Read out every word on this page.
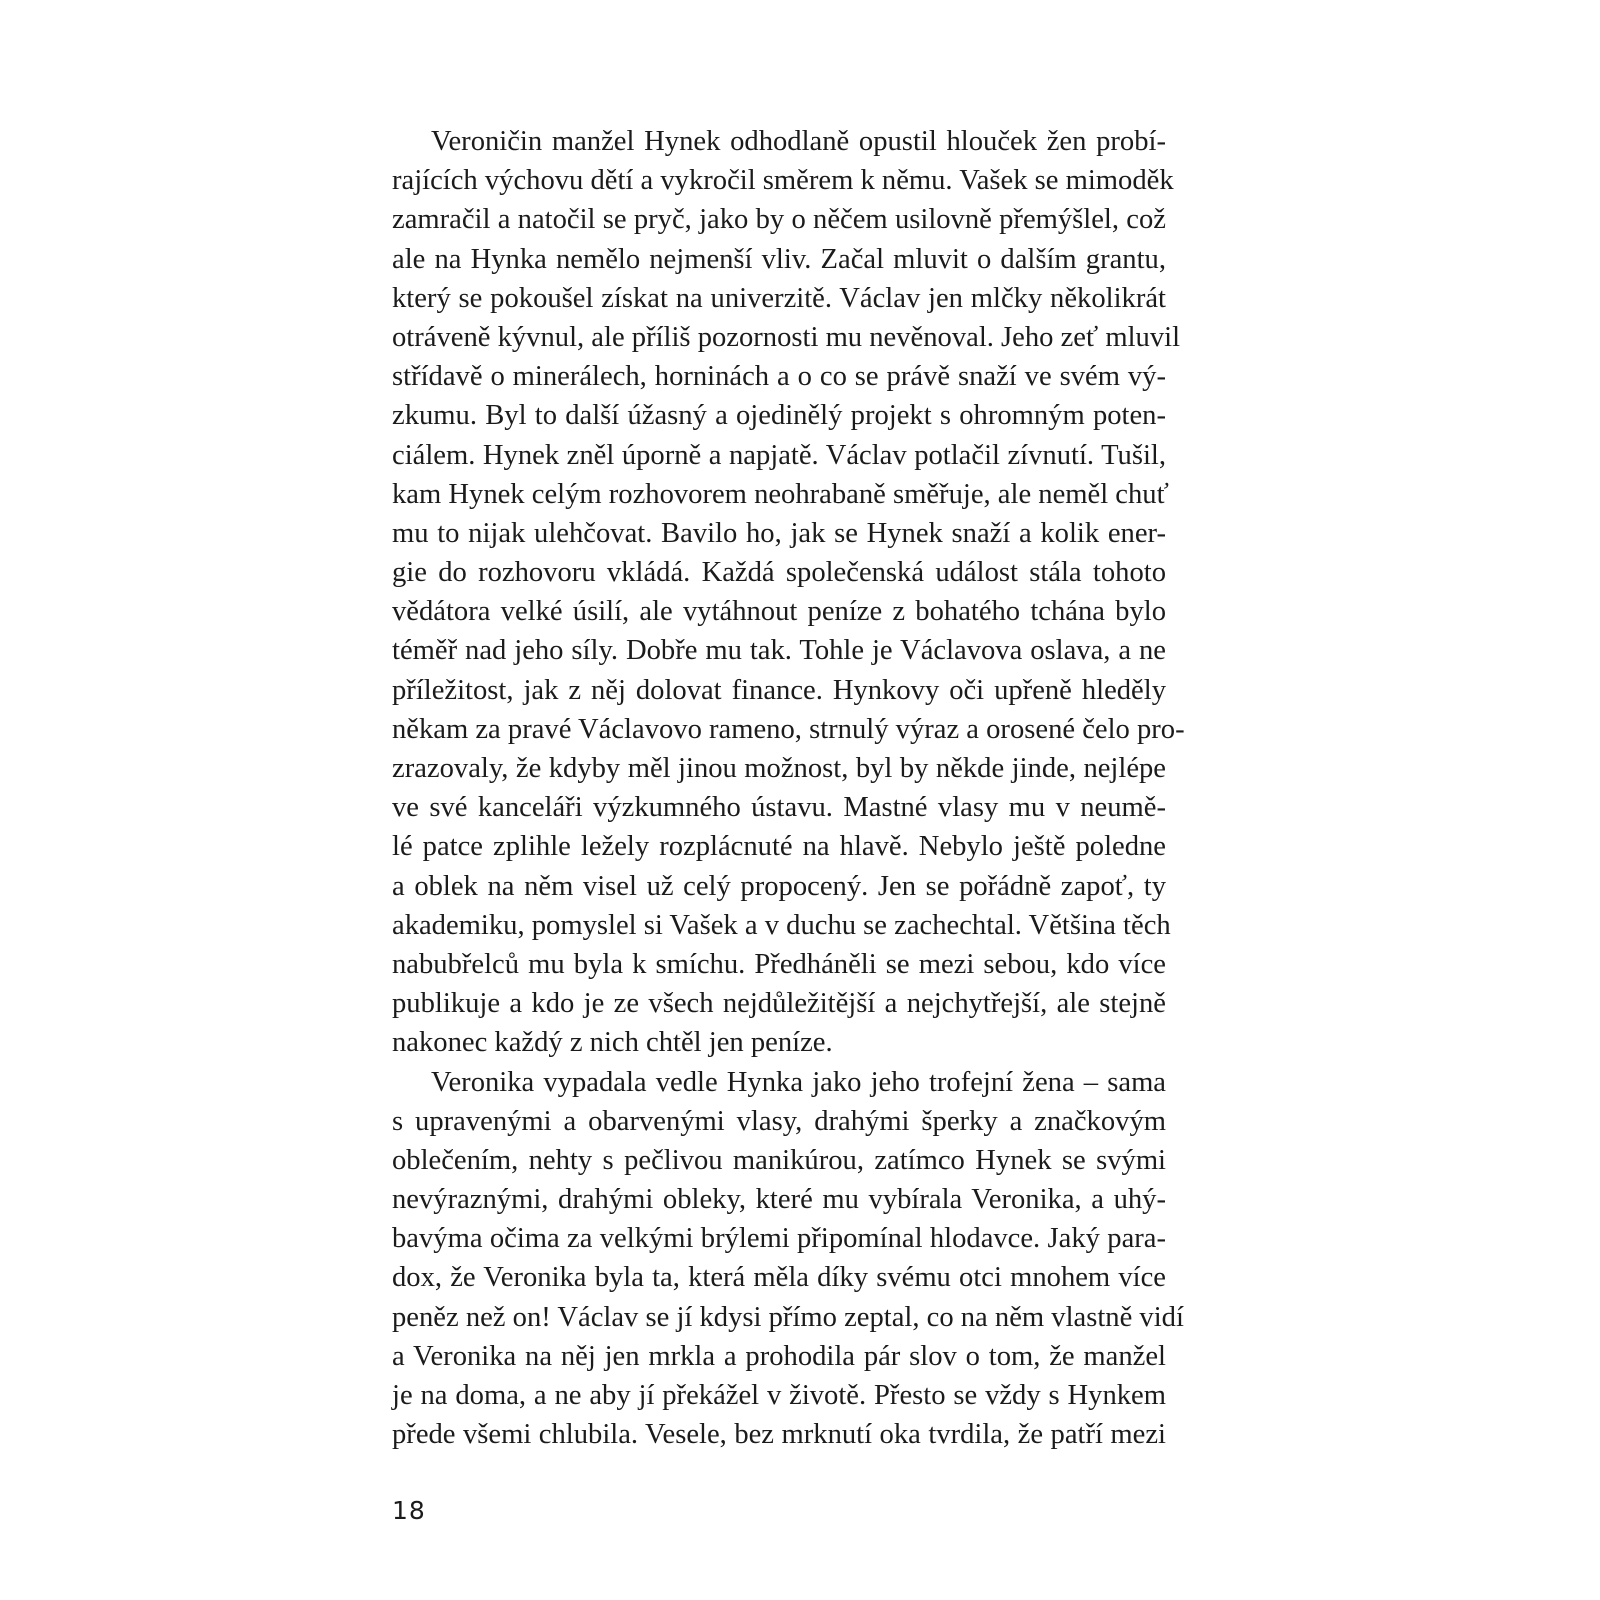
Veroničin manžel Hynek odhodlaně opustil hlouček žen probí-
rajících výchovu dětí a vykročil směrem k němu. Vašek se mimoděk
zamračil a natočil se pryč, jako by o něčem usilovně přemýšlel, což
ale na Hynka nemělo nejmenší vliv. Začal mluvit o dalším grantu,
který se pokoušel získat na univerzitě. Václav jen mlčky několikrát
otráveně kývnul, ale příliš pozornosti mu nevěnoval. Jeho zeť mluvil
střídavě o minerálech, horninách a o co se právě snaží ve svém vý-
zkumu. Byl to další úžasný a ojedinělý projekt s ohromným poten-
ciálem. Hynek zněl úporně a napjatě. Václav potlačil zívnutí. Tušil,
kam Hynek celým rozhovorem neohrabaně směřuje, ale neměl chuť
mu to nijak ulehčovat. Bavilo ho, jak se Hynek snaží a kolik ener-
gie do rozhovoru vkládá. Každá společenská událost stála tohoto
vědátora velké úsilí, ale vytáhnout peníze z bohatého tchána bylo
téměř nad jeho síly. Dobře mu tak. Tohle je Václavova oslava, a ne
příležitost, jak z něj dolovat finance. Hynkovy oči upřeně hleděly
někam za pravé Václavovo rameno, strnulý výraz a orosené čelo pro-
zrazovaly, že kdyby měl jinou možnost, byl by někde jinde, nejlépe
ve své kanceláři výzkumného ústavu. Mastné vlasy mu v neumě-
lé patce zplihle ležely rozplácnuté na hlavě. Nebylo ještě poledne
a oblek na něm visel už celý propocený. Jen se pořádně zapoť, ty
akademiku, pomyslel si Vašek a v duchu se zachechtal. Většina těch
nabubřelců mu byla k smíchu. Předháněli se mezi sebou, kdo více
publikuje a kdo je ze všech nejdůležitější a nejchytřejší, ale stejně
nakonec každý z nich chtěl jen peníze.
Veronika vypadala vedle Hynka jako jeho trofejní žena – sama
s upravenými a obarvenými vlasy, drahými šperky a značkovým
oblečením, nehty s pečlivou manikúrou, zatímco Hynek se svými
nevýraznými, drahými obleky, které mu vybírala Veronika, a uhý-
bavýma očima za velkými brýlemi připomínal hlodavce. Jaký para-
dox, že Veronika byla ta, která měla díky svému otci mnohem více
peněz než on! Václav se jí kdysi přímo zeptal, co na něm vlastně vidí
a Veronika na něj jen mrkla a prohodila pár slov o tom, že manžel
je na doma, a ne aby jí překážel v životě. Přesto se vždy s Hynkem
přede všemi chlubila. Vesele, bez mrknutí oka tvrdila, že patří mezi
18
